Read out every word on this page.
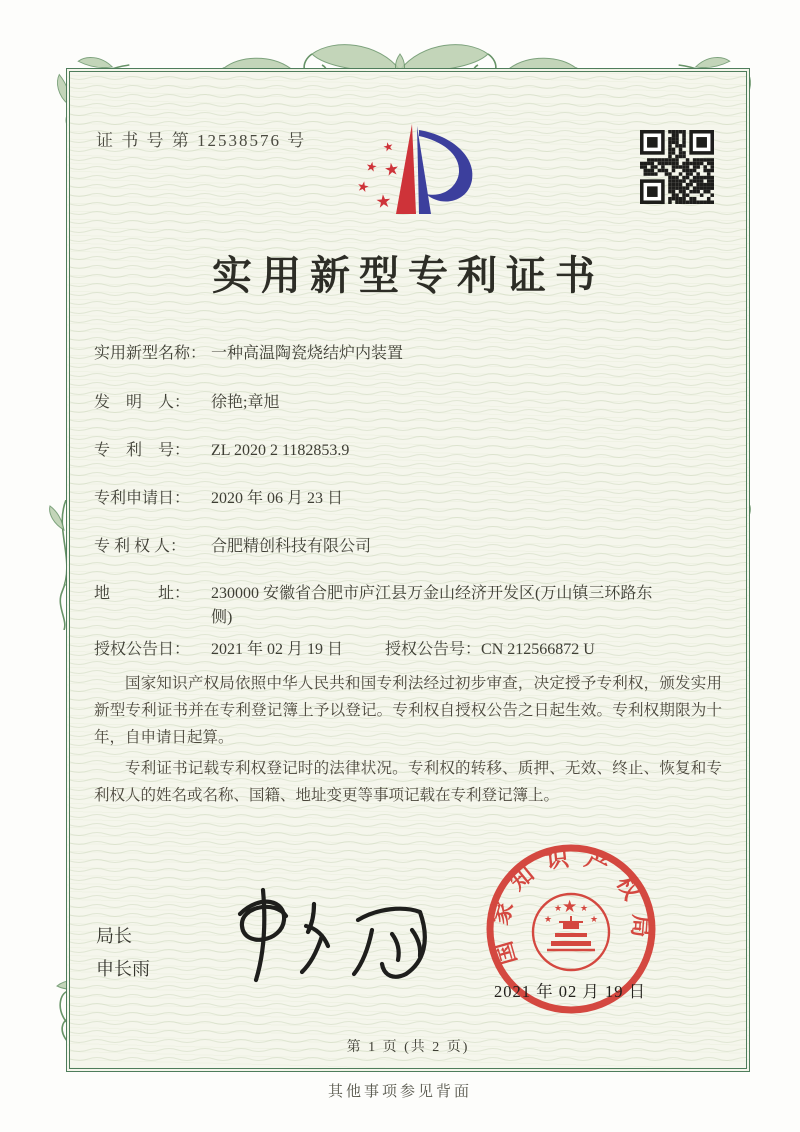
证 书 号 第 12538576 号	★
★ ★
★
★
实用新型专利证书
实用新型名称： 一种高温陶瓷烧结炉内装置
发　明　人：	徐艳;章旭
专　利　号：	ZL 2020 2 1182853.9
专利申请日：	2020 年 06 月 23 日
专 利 权 人：	合肥精创科技有限公司
地　　　址：	230000 安徽省合肥市庐江县万金山经济开发区(万山镇三环路东侧)
授权公告日：	2021 年 02 月 19 日	授权公告号： CN 212566872 U

国家知识产权局依照中华人民共和国专利法经过初步审查，决定授予专利权，颁发实用新型专利证书并在专利登记簿上予以登记。专利权自授权公告之日起生效。专利权期限为十年，自申请日起算。

专利证书记载专利权登记时的法律状况。专利权的转移、质押、无效、终止、恢复和专利权人的姓名或名称、国籍、地址变更等事项记载在专利登记簿上。

局长
申长雨
国家知识产权局
★
★
★ ★
★
2021 年 02 月 19 日
第 1 页 (共 2 页)
其他事项参见背面
